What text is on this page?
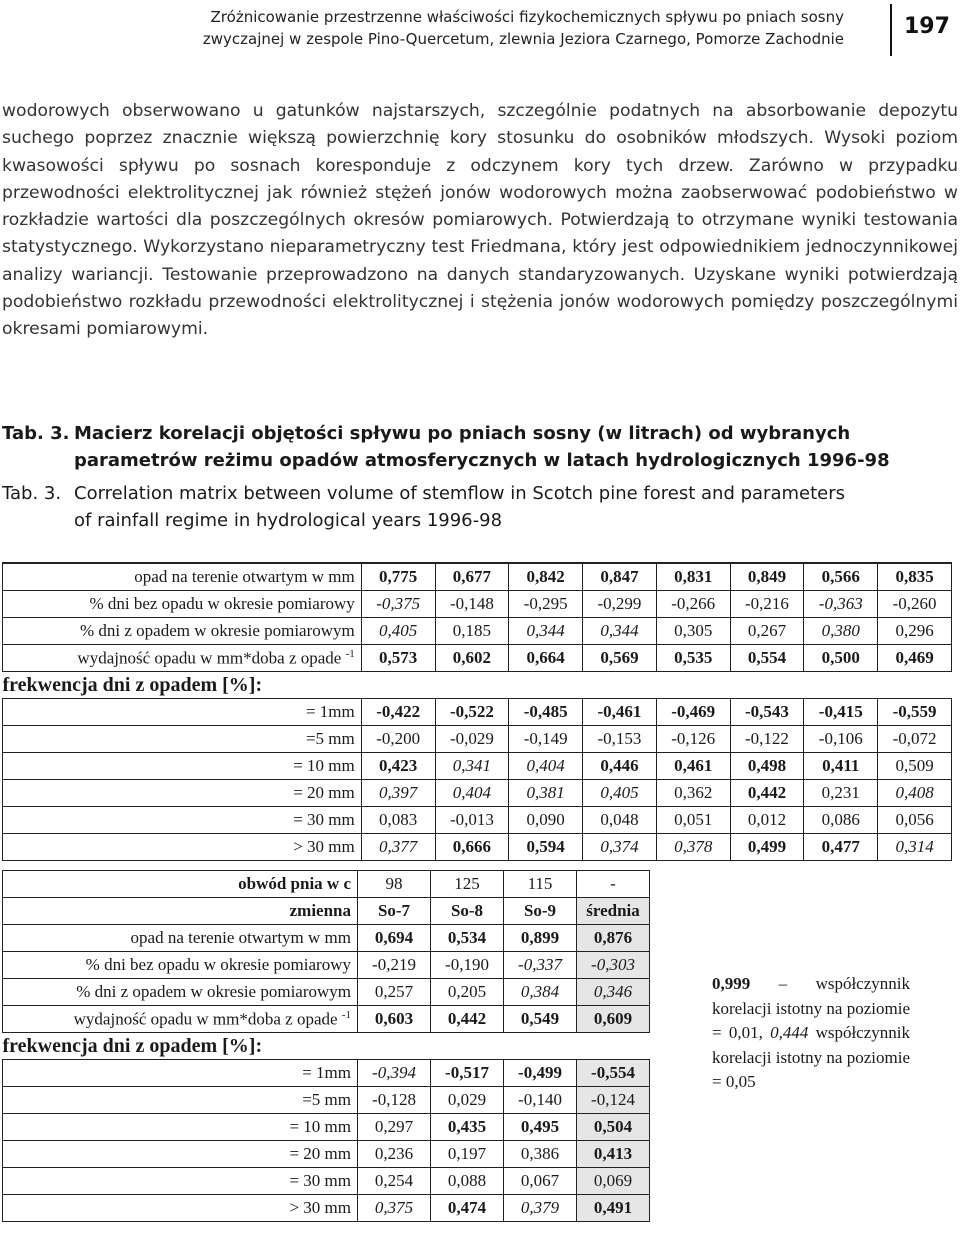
Zróżnicowanie przestrzenne właściwości fizykochemicznych spływu po pniach sosny
zwyczajnej w zespole Pino-Quercetum, zlewnia Jeziora Czarnego, Pomorze Zachodnie	197

wodorowych obserwowano u gatunków najstarszych, szczególnie podatnych na absorbowanie depozytu suchego poprzez znacznie większą powierzchnię kory stosunku do osobników młodszych. Wysoki poziom kwasowości spływu po sosnach koresponduje z odczynem kory tych drzew. Zarówno w przypadku przewodności elektrolitycznej jak również stężeń jonów wodorowych można zaobserwować podobieństwo w rozkładzie wartości dla poszczególnych okresów pomiarowych. Potwierdzają to otrzymane wyniki testowania statystycznego. Wykorzystano nieparametryczny test Friedmana, który jest odpowiednikiem jednoczynnikowej analizy wariancji. Testowanie przeprowadzono na danych standaryzowanych. Uzyskane wyniki potwierdzają podobieństwo rozkładu przewodności elektrolitycznej i stężenia jonów wodorowych pomiędzy poszczególnymi okresami pomiarowymi.

Tab. 3. Macierz korelacji objętości spływu po pniach sosny (w litrach) od wybranych
parametrów reżimu opadów atmosferycznych w latach hydrologicznych 1996-98
Tab. 3. Correlation matrix between volume of stemflow in Scotch pine forest and parameters
of rainfall regime in hydrological years 1996-98
opad na terenie otwartym w mm	0,775	0,677	0,842	0,847	0,831	0,849	0,566	0,835
% dni bez opadu w okresie pomiarowy	-0,375	-0,148	-0,295	-0,299	-0,266	-0,216	-0,363	-0,260
% dni z opadem w okresie pomiarowym	0,405	0,185	0,344	0,344	0,305	0,267	0,380	0,296
wydajność opadu w mm*doba z opade $^{-1}$	0,573	0,602	0,664	0,569	0,535	0,554	0,500	0,469
frekwencja dni z opadem [%]:								
= 1mm	-0,422	-0,522	-0,485	-0,461	-0,469	-0,543	-0,415	-0,559
=5 mm	-0,200	-0,029	-0,149	-0,153	-0,126	-0,122	-0,106	-0,072
= 10 mm	0,423	0,341	0,404	0,446	0,461	0,498	0,411	0,509
= 20 mm	0,397	0,404	0,381	0,405	0,362	0,442	0,231	0,408
= 30 mm	0,083	-0,013	0,090	0,048	0,051	0,012	0,086	0,056
> 30 mm	0,377	0,666	0,594	0,374	0,378	0,499	0,477	0,314
obwód pnia w c	98	125	115	-
zmienna	So-7	So-8	So-9	średnia
opad na terenie otwartym w mm	0,694	0,534	0,899	0,876
% dni bez opadu w okresie pomiarowy	-0,219	-0,190	-0,337	-0,303
% dni z opadem w okresie pomiarowym	0,257	0,205	0,384	0,346
wydajność opadu w mm*doba z opade $^{-1}$	0,603	0,442	0,549	0,609
frekwencja dni z opadem [%]:				
= 1mm	-0,394	-0,517	-0,499	-0,554
=5 mm	-0,128	0,029	-0,140	-0,124
= 10 mm	0,297	0,435	0,495	0,504
= 20 mm	0,236	0,197	0,386	0,413
= 30 mm	0,254	0,088	0,067	0,069
> 30 mm	0,375	0,474	0,379	0,491
0,999 – współczynnik korelacji istotny na poziomie = 0,01, 0,444 współczynnik korelacji istotny na poziomie = 0,05
